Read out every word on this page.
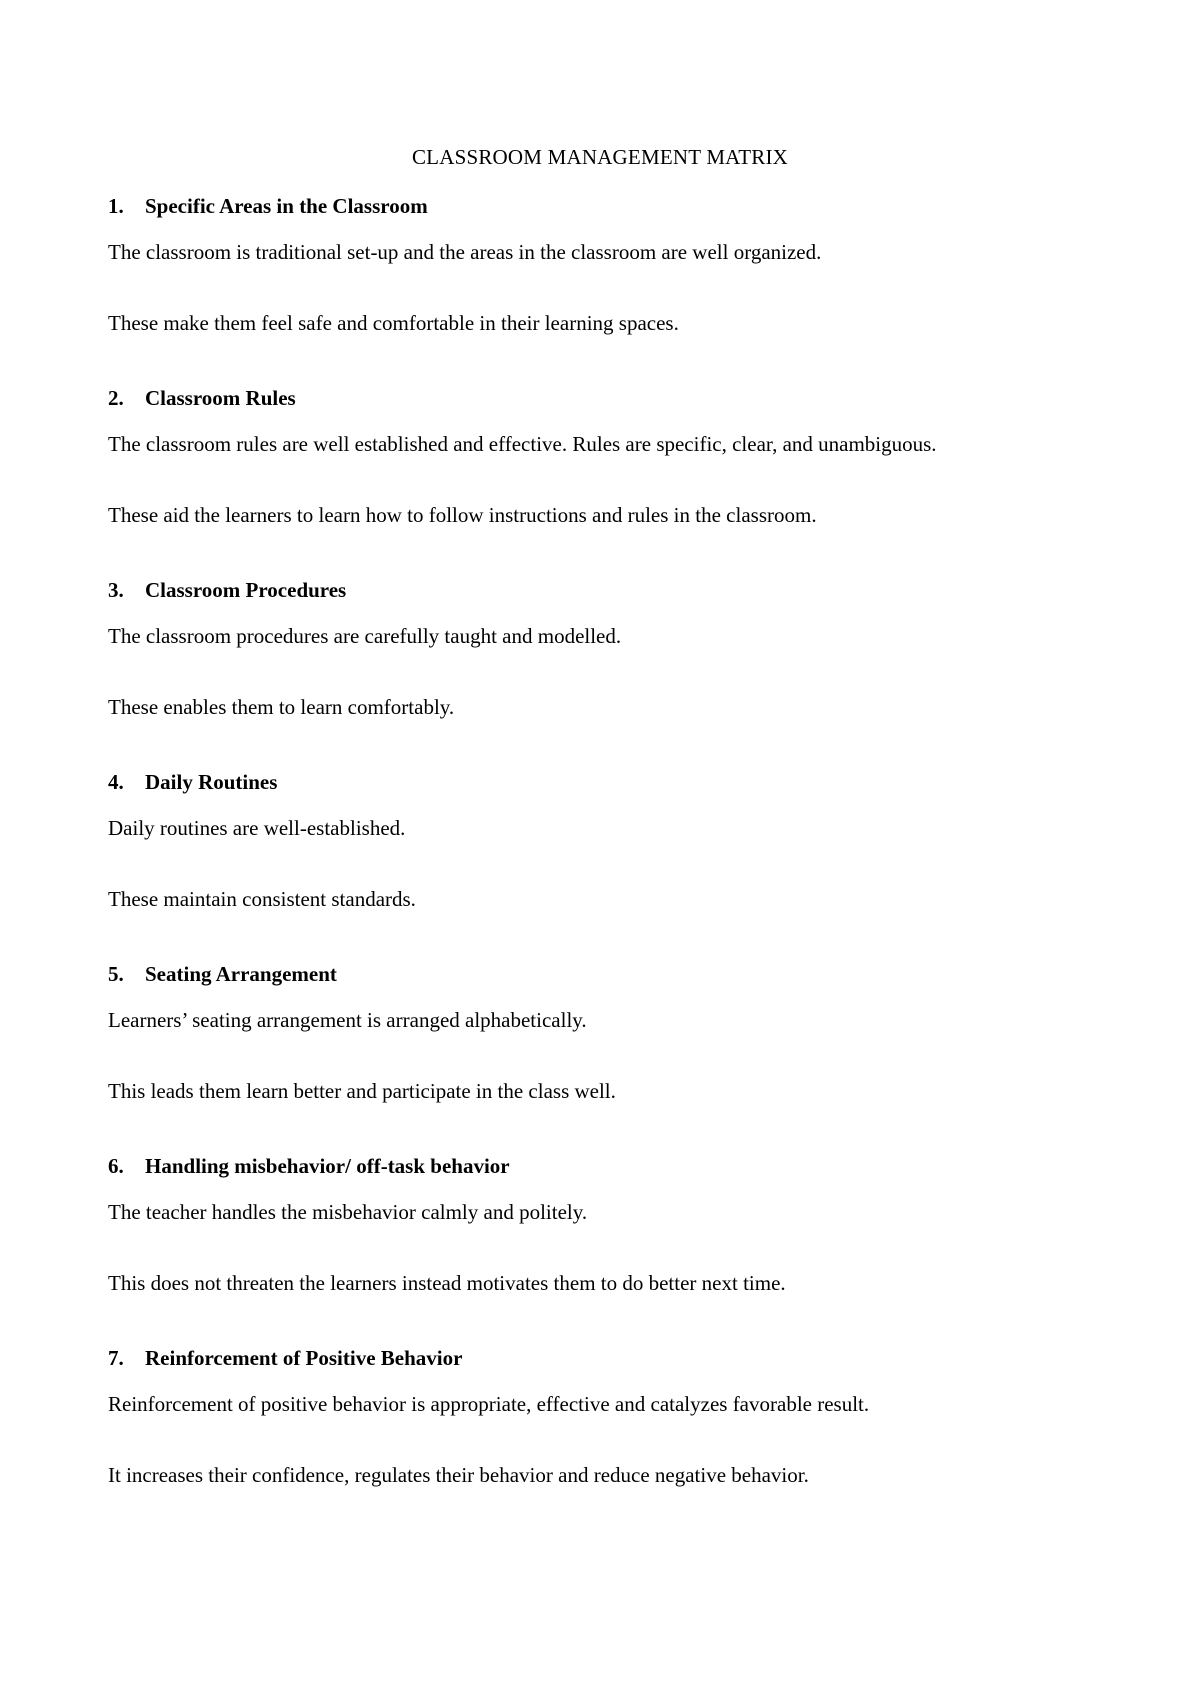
CLASSROOM MANAGEMENT MATRIX
1.	Specific Areas in the Classroom
The classroom is traditional set-up and the areas in the classroom are well organized.
These make them feel safe and comfortable in their learning spaces.
2.	Classroom Rules
The classroom rules are well established and effective. Rules are specific, clear, and unambiguous.
These aid the learners to learn how to follow instructions and rules in the classroom.
3.	Classroom Procedures
The classroom procedures are carefully taught and modelled.
These enables them to learn comfortably.
4.	Daily Routines
Daily routines are well-established.
These maintain consistent standards.
5.	Seating Arrangement
Learners’ seating arrangement is arranged alphabetically.
This leads them learn better and participate in the class well.
6.	Handling misbehavior/ off-task behavior
The teacher handles the misbehavior calmly and politely.
This does not threaten the learners instead motivates them to do better next time.
7.	Reinforcement of Positive Behavior
Reinforcement of positive behavior is appropriate, effective and catalyzes favorable result.
It increases their confidence, regulates their behavior and reduce negative behavior.
